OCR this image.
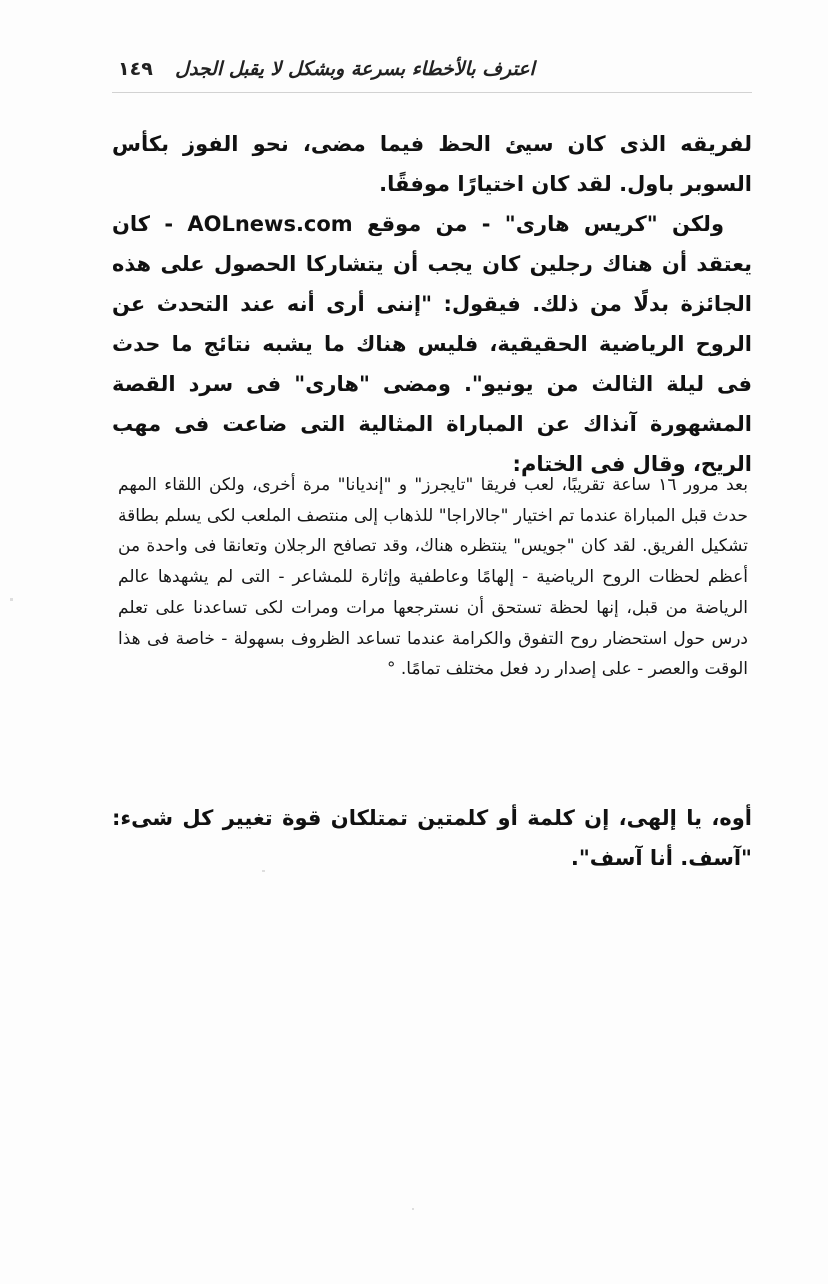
١٤٩	اعترف بالأخطاء بسرعة وبشكل لا يقبل الجدل

لفريقه الذى كان سيئ الحظ فيما مضى، نحو الفوز بكأس السوبر باول. لقد كان اختيارًا موفقًا.

ولكن "كريس هارى" - من موقع AOLnews.com - كان يعتقد أن هناك رجلين كان يجب أن يتشاركا الحصول على هذه الجائزة بدلًا من ذلك. فيقول: "إننى أرى أنه عند التحدث عن الروح الرياضية الحقيقية، فليس هناك ما يشبه نتائج ما حدث فى ليلة الثالث من يونيو". ومضى "هارى" فى سرد القصة المشهورة آنذاك عن المباراة المثالية التى ضاعت فى مهب الريح، وقال فى الختام:

بعد مرور ١٦ ساعة تقريبًا، لعب فريقا "تايجرز" و "إنديانا" مرة أخرى، ولكن اللقاء المهم حدث قبل المباراة عندما تم اختيار "جالاراجا" للذهاب إلى منتصف الملعب لكى يسلم بطاقة تشكيل الفريق. لقد كان "جويس" ينتظره هناك، وقد تصافح الرجلان وتعانقا فى واحدة من أعظم لحظات الروح الرياضية - إلهامًا وعاطفية وإثارة للمشاعر - التى لم يشهدها عالم الرياضة من قبل، إنها لحظة تستحق أن نسترجعها مرات ومرات لكى تساعدنا على تعلم درس حول استحضار روح التفوق والكرامة عندما تساعد الظروف بسهولة - خاصة فى هذا الوقت والعصر - على إصدار رد فعل مختلف تمامًا. °

أوه، يا إلهى، إن كلمة أو كلمتين تمتلكان قوة تغيير كل شىء: "آسف. أنا آسف".
